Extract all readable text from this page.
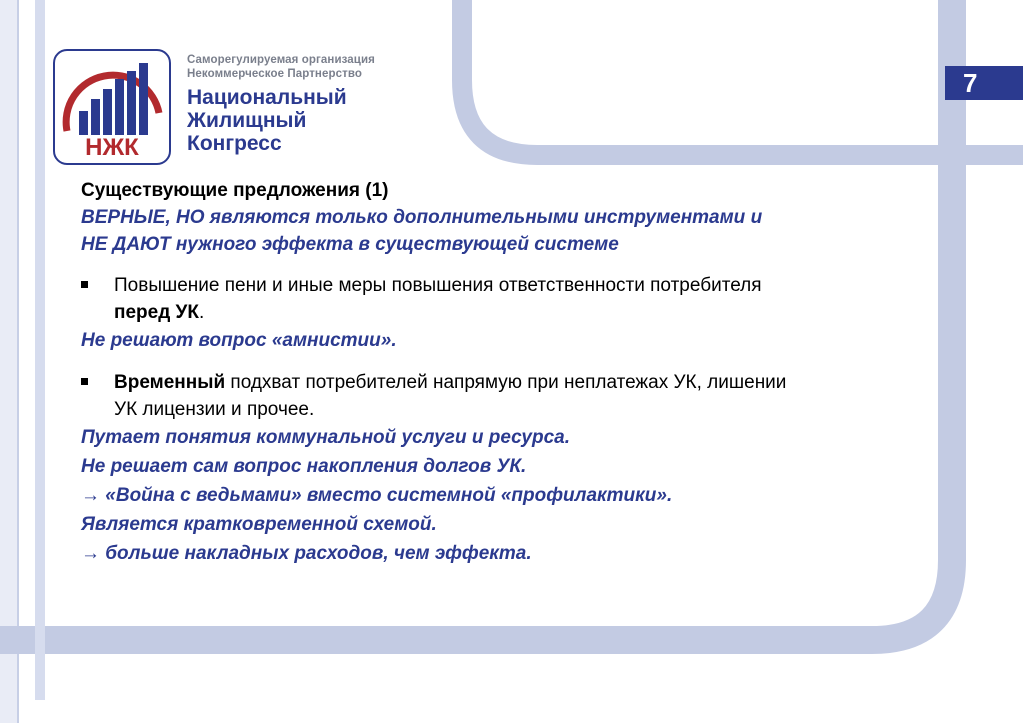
НЖК
Саморегулируемая организация
Некоммерческое Партнерство
Национальный
Жилищный
Конгресс
7
Существующие предложения (1)
ВЕРНЫЕ, НО являются только дополнительными инструментами и
НЕ ДАЮТ нужного эффекта в существующей системе
Повышение пени и иные меры повышения ответственности потребителя
перед УК.
Не решают вопрос «амнистии».
Временный подхват потребителей напрямую при неплатежах УК, лишении
УК лицензии и прочее.
Путает понятия коммунальной услуги и ресурса.
Не решает сам вопрос накопления долгов УК.
→ «Война с ведьмами» вместо системной «профилактики».
Является кратковременной схемой.
→ больше накладных расходов, чем эффекта.
